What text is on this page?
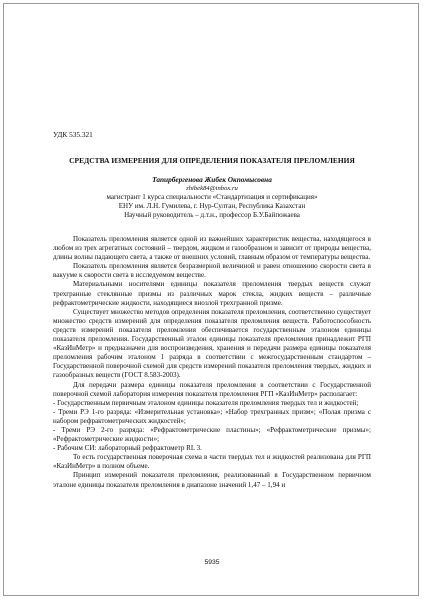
УДК 535.321
СРЕДСТВА ИЗМЕРЕНИЯ ДЛЯ ОПРЕДЕЛЕНИЯ ПОКАЗАТЕЛЯ ПРЕЛОМЛЕНИЯ
Тапирбергенова Жибек Окпомысовна
zhibek84@inbox.ru
магистрант 1 курса специальности «Стандартизация и сертификация»
ЕНУ им. Л.Н. Гумилева, г. Нур-Султан, Республика Казахстан
Научный руководитель – д.т.н., профессор Б.У.Байпожаева

Показатель преломления является одной из важнейших характеристик вещества, находящегося в любом из трех агрегатных состояний – твердом, жидком и газообразном и зависит от природы вещества, длины волны падающего света, а также от внешних условий, главным образом от температуры вещества.

Показатель преломления является безразмерной величиной и равен отношению скорости света в вакууме к скорости света в исследуемом веществе.

Материальными носителями единицы показателя преломления твердых веществ служат трехгранные стеклянные призмы из различных марок стекла, жидких веществ – различные рефрактометрические жидкости, находящиеся внозлой трехгранной призме.

Существует множество методов определения показателя преломления, соответственно существует множество средств измерений для определения показателя преломления веществ. Работоспособность средств измерений показателя преломления обеспечивается государственным эталоном единицы показателя преломления. Государственный эталон единицы показателя преломления принадлежит РГП «КазИнМетр» и предназначен для воспроизведения, хранения и передачи размера единицы показателя преломления рабочим эталоном 1 разряда в соответствии с межгосударственным стандартом – Государственной поверочной схемой для средств измерений показателя преломления твердых, жидких и газообразных веществ (ГОСТ 8.583-2003).

Для передачи размера единицы показателя преломления в соответствии с Государственной поверочной схемой лаборатория измерения показателя преломления РГП «КазИнМетр» располагает:

- Государственным первичным эталоном единицы показателя преломления твердых тел и жидкостей;

- Треми РЭ 1-го разряда: «Измерительная установка»; «Набор трехгранных призм»; «Полая призма с набором рефрактометрических жидкостей»;

- Треми РЭ 2-го разряда: «Рефрактометрические пластины»; «Рефрактометрические призмы»; «Рефрактометрические жидкости»;

- Рабочим СИ: лабораторный рефрактометр RL 3.

То есть государственная поверочная схема в части твердых тел и жидкостей реализована для РГП «КазИнМетр» в полном объеме.

Принцип измерений показателя преломления, реализованный в Государственном первичном эталоне единицы показателя преломления в диапазоне значений 1,47 – 1,94 и

5935
